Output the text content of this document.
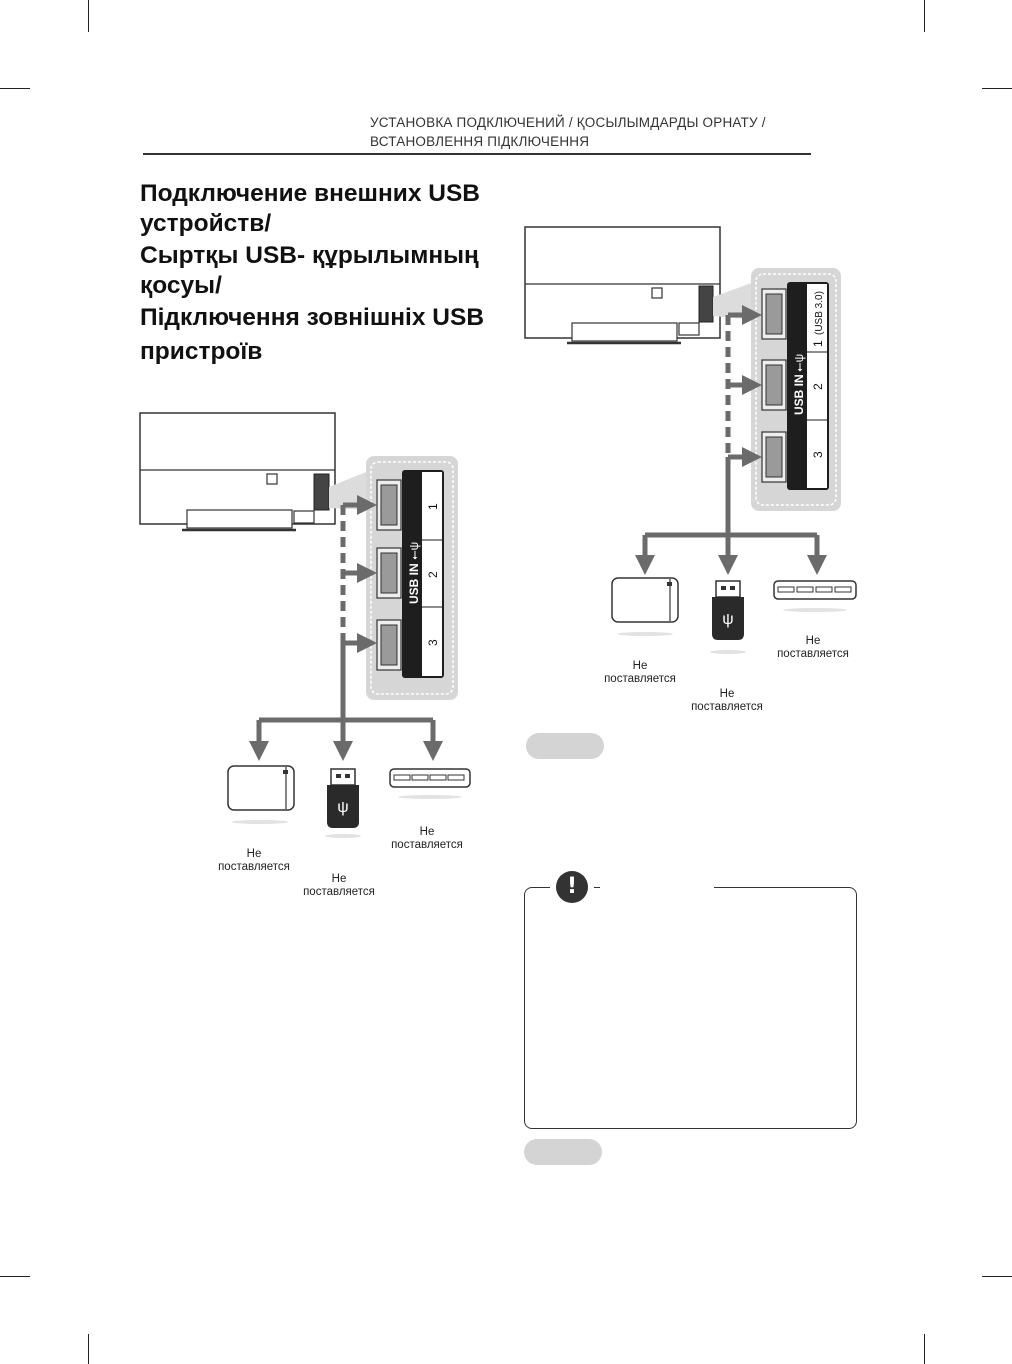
УСТАНОВКА ПОДКЛЮЧЕНИЙ / ҚОСЫЛЫМДАРДЫ ОРНАТУ /
ВСТАНОВЛЕННЯ ПІДКЛЮЧЕННЯ
Подключение внешних USB
устройств/
Сыртқы USB- құрылымның
қосуы/
Підключення зовнішніх USB
пристроїв
USB IN
⭠ψ
1
2
3
ψ
USB IN
⭠ψ
1
(USB 3.0)
2
3
ψ
Не
поставляется
Не
поставляется
Не
поставляется
Не
поставляется
Не
поставляется
Не
поставляется
!
